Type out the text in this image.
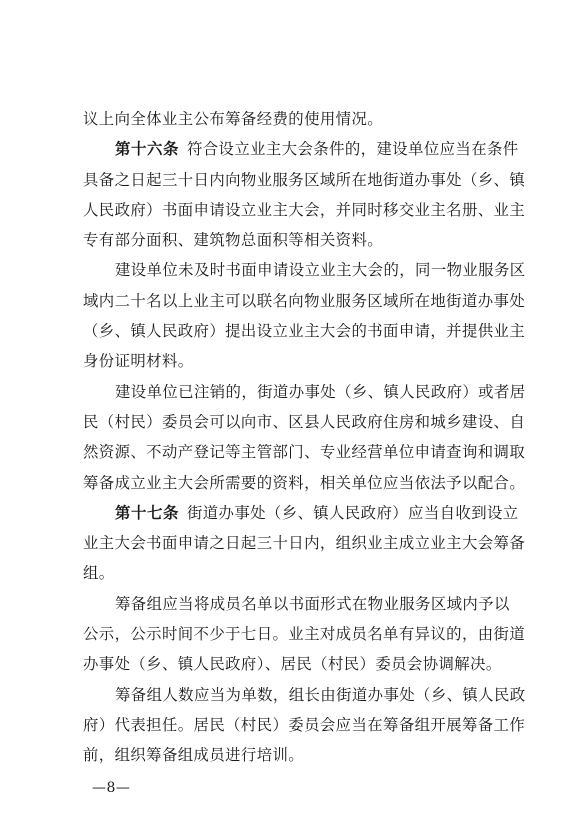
议上向全体业主公布筹备经费的使用情况。
第十六条 符合设立业主大会条件的，建设单位应当在条件
具备之日起三十日内向物业服务区域所在地街道办事处（乡、镇
人民政府）书面申请设立业主大会，并同时移交业主名册、业主
专有部分面积、建筑物总面积等相关资料。
建设单位未及时书面申请设立业主大会的，同一物业服务区
域内二十名以上业主可以联名向物业服务区域所在地街道办事处
（乡、镇人民政府）提出设立业主大会的书面申请，并提供业主
身份证明材料。
建设单位已注销的，街道办事处（乡、镇人民政府）或者居
民（村民）委员会可以向市、区县人民政府住房和城乡建设、自
然资源、不动产登记等主管部门、专业经营单位申请查询和调取
筹备成立业主大会所需要的资料，相关单位应当依法予以配合。
第十七条 街道办事处（乡、镇人民政府）应当自收到设立
业主大会书面申请之日起三十日内，组织业主成立业主大会筹备
组。
筹备组应当将成员名单以书面形式在物业服务区域内予以
公示，公示时间不少于七日。业主对成员名单有异议的，由街道
办事处（乡、镇人民政府）、居民（村民）委员会协调解决。
筹备组人数应当为单数，组长由街道办事处（乡、镇人民政
府）代表担任。居民（村民）委员会应当在筹备组开展筹备工作
前，组织筹备组成员进行培训。
—8—
